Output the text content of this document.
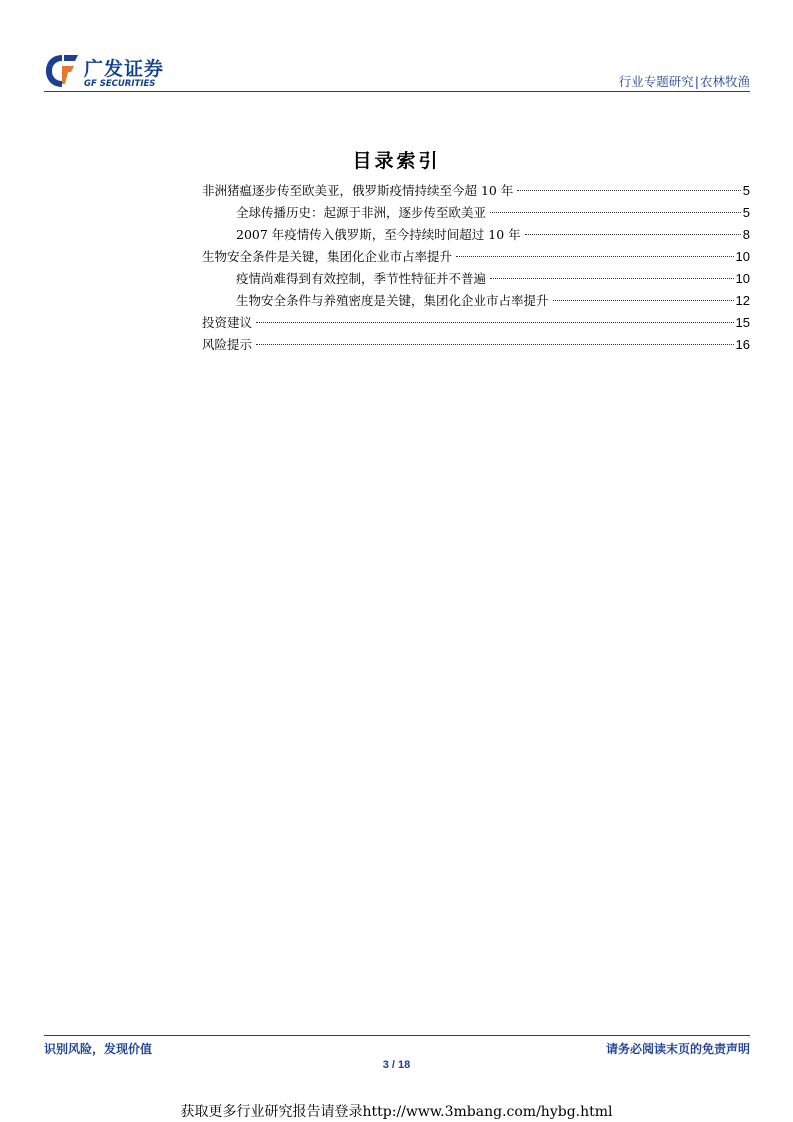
广发证券
GF SECURITIES	行业专题研究|农林牧渔
目录索引
非洲猪瘟逐步传至欧美亚，俄罗斯疫情持续至今超 10 年	5
全球传播历史：起源于非洲，逐步传至欧美亚	5
2007 年疫情传入俄罗斯，至今持续时间超过 10 年	8
生物安全条件是关键，集团化企业市占率提升	10
疫情尚难得到有效控制，季节性特征并不普遍	10
生物安全条件与养殖密度是关键，集团化企业市占率提升	12
投资建议	15
风险提示	16
识别风险，发现价值	请务必阅读末页的免责声明
3 / 18
获取更多行业研究报告请登录http://www.3mbang.com/hybg.html
